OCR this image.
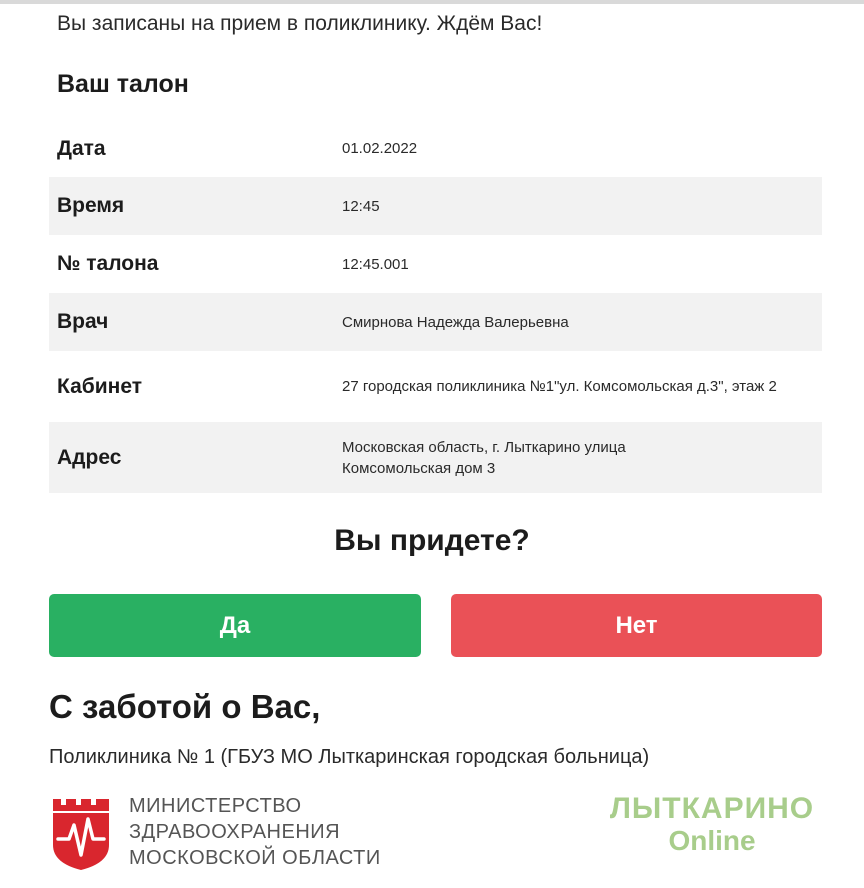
Вы записаны на прием в поликлинику. Ждём Вас!
Ваш талон
Дата	01.02.2022
Время	12:45
№ талона	12:45.001
Врач	Смирнова Надежда Валерьевна
Кабинет	27 городская поликлиника №1"ул. Комсомольская д.3", этаж 2
Адрес	Московская область, г. Лыткарино улица Комсомольская дом 3
Вы придете?
Да	Нет
С заботой о Вас,
Поликлиника № 1 (ГБУЗ МО Лыткаринская городская больница)
МИНИСТЕРСТВО
ЗДРАВООХРАНЕНИЯ
МОСКОВСКОЙ ОБЛАСТИ
ЛЫТКАРИНО
Online
